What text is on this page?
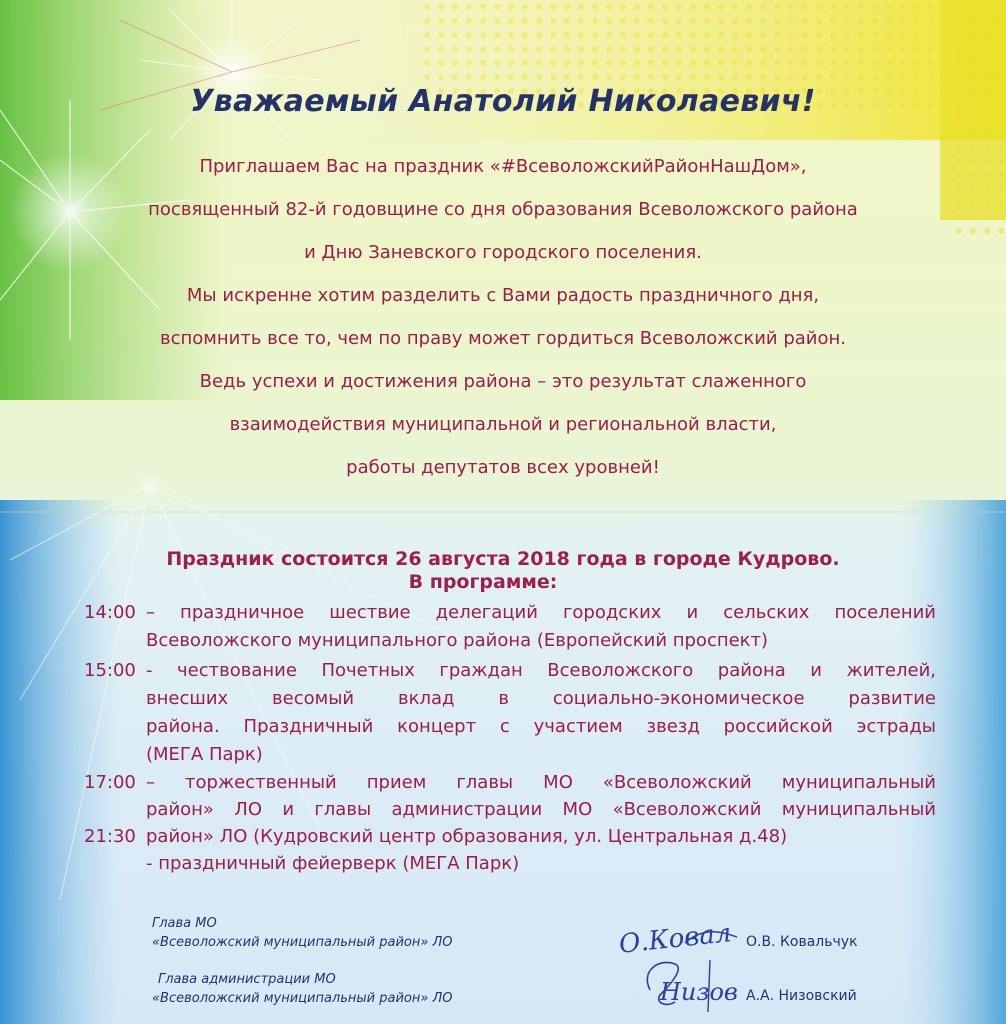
Уважаемый Анатолий Николаевич!
Приглашаем Вас на праздник «#ВсеволожскийРайонНашДом»,
посвященный 82-й годовщине со дня образования Всеволожского района
и Дню Заневского городского поселения.
Мы искренне хотим разделить с Вами радость праздничного дня,
вспомнить все то, чем по праву может гордиться Всеволожский район.
Ведь успехи и достижения района – это результат слаженного
взаимодействия муниципальной и региональной власти,
работы депутатов всех уровней!
Праздник состоится 26 августа 2018 года в городе Кудрово.
В программе:
14:00
15:00
17:00
21:30
– праздничное шествие делегаций городских и сельских поселений
Всеволожского муниципального района (Европейский проспект)
- чествование Почетных граждан Всеволожского района и жителей,
внесших весомый вклад в социально-экономическое развитие
района. Праздничный концерт с участием звезд российской эстрады
(МЕГА Парк)
– торжественный прием главы МО «Всеволожский муниципальный
район» ЛО и главы администрации МО «Всеволожский муниципальный
район» ЛО (Кудровский центр образования, ул. Центральная д.48)
- праздничный фейерверк (МЕГА Парк)
Глава МО
«Всеволожский муниципальный район» ЛО	О.Ковал О.В. Ковальчук
Глава администрации МО
«Всеволожский муниципальный район» ЛО	Низов А.А. Низовский
